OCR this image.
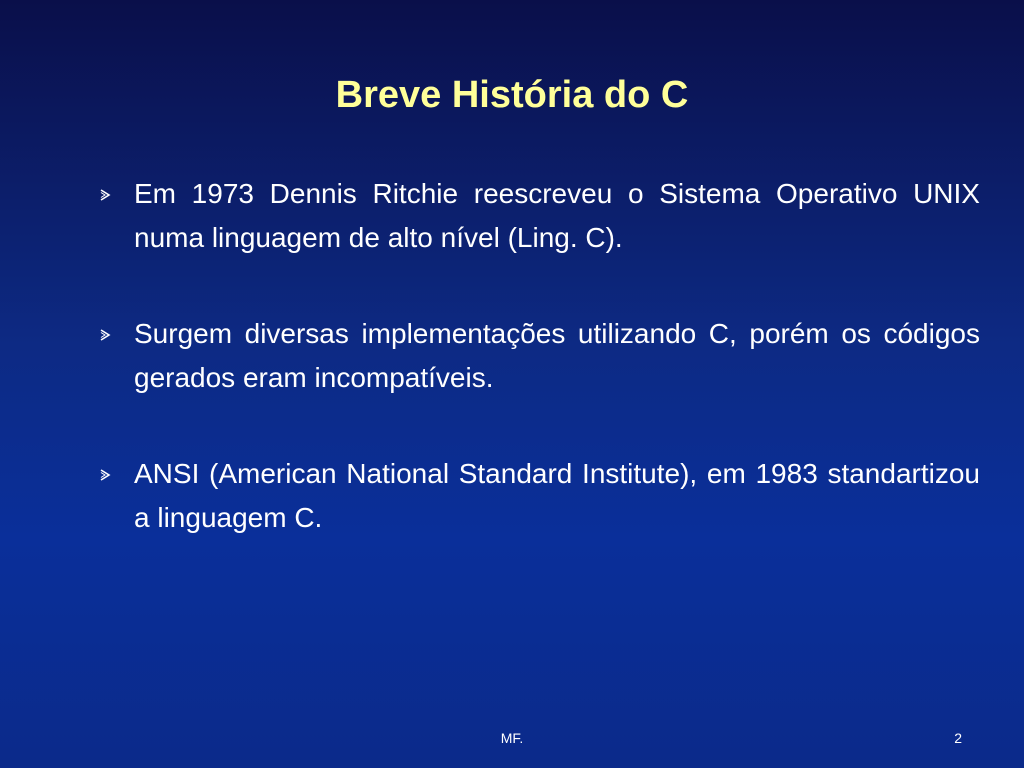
Breve História do C
Em 1973 Dennis Ritchie reescreveu o Sistema Operativo UNIX numa linguagem de alto nível (Ling. C).
Surgem diversas implementações utilizando C, porém os códigos gerados eram incompatíveis.
ANSI (American National Standard Institute), em 1983 standartizou a linguagem C.
MF.	2
